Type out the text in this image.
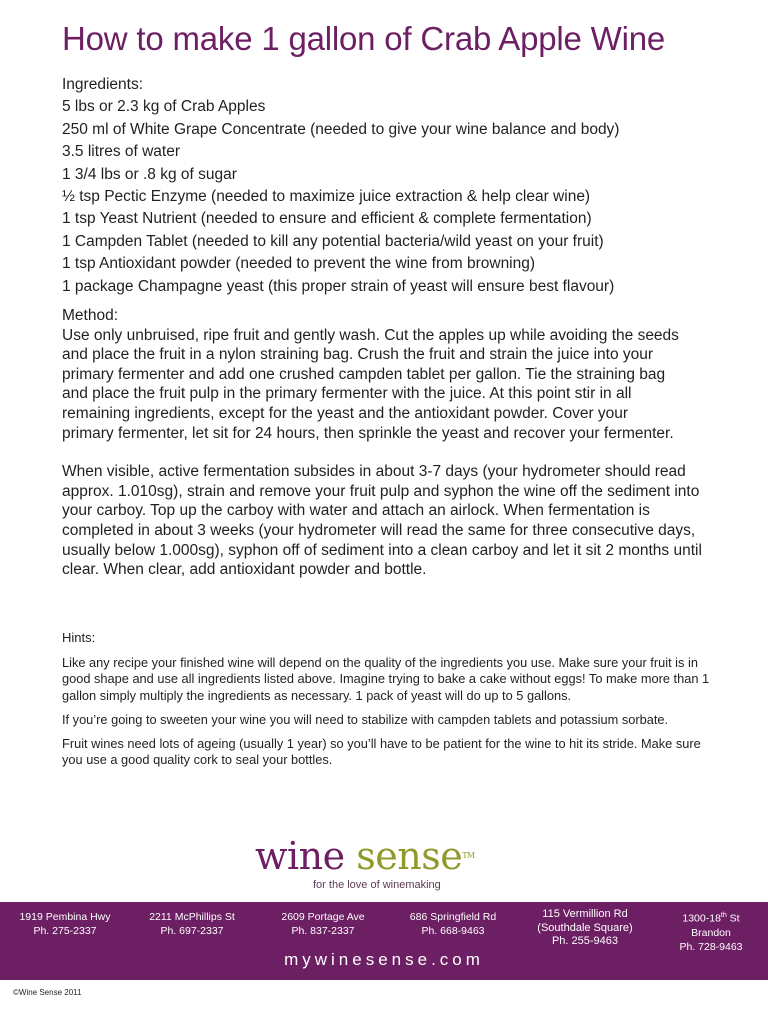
How to make 1 gallon of Crab Apple Wine
Ingredients:
5 lbs or 2.3 kg of Crab Apples
250 ml of White Grape Concentrate (needed to give your wine balance and body)
3.5 litres of water
1 3/4 lbs or .8 kg of sugar
½ tsp Pectic Enzyme (needed to maximize juice extraction & help clear wine)
1 tsp Yeast Nutrient (needed to ensure and efficient & complete fermentation)
1 Campden Tablet (needed to kill any potential bacteria/wild yeast on your fruit)
1 tsp Antioxidant powder (needed to prevent the wine from browning)
1 package Champagne yeast (this proper strain of yeast will ensure best flavour)

Method:

Use only unbruised, ripe fruit and gently wash. Cut the apples up while avoiding the seeds and place the fruit in a nylon straining bag. Crush the fruit and strain the juice into your primary fermenter and add one crushed campden tablet per gallon. Tie the straining bag and place the fruit pulp in the primary fermenter with the juice. At this point stir in all remaining ingredients, except for the yeast and the antioxidant powder. Cover your primary fermenter, let sit for 24 hours, then sprinkle the yeast and recover your fermenter.

When visible, active fermentation subsides in about 3-7 days (your hydrometer should read approx. 1.010sg), strain and remove your fruit pulp and syphon the wine off the sediment into your carboy. Top up the carboy with water and attach an airlock. When fermentation is completed in about 3 weeks (your hydrometer will read the same for three consecutive days, usually below 1.000sg), syphon off of sediment into a clean carboy and let it sit 2 months until clear. When clear, add antioxidant powder and bottle.

Hints:

Like any recipe your finished wine will depend on the quality of the ingredients you use. Make sure your fruit is in good shape and use all ingredients listed above. Imagine trying to bake a cake without eggs! To make more than 1 gallon simply multiply the ingredients as necessary. 1 pack of yeast will do up to 5 gallons.

If you’re going to sweeten your wine you will need to stabilize with campden tablets and potassium sorbate.

Fruit wines need lots of ageing (usually 1 year) so you’ll have to be patient for the wine to hit its stride. Make sure you use a good quality cork to seal your bottles.

wine sense™
for the love of winemaking
1919 Pembina Hwy
Ph. 275-2337
2211 McPhillips St
Ph. 697-2337
2609 Portage Ave
Ph. 837-2337
686 Springfield Rd
Ph. 668-9463
115 Vermillion Rd
(Southdale Square)
Ph. 255-9463
1300-18th St
Brandon
Ph. 728-9463
mywinesense.com
©Wine Sense 2011
